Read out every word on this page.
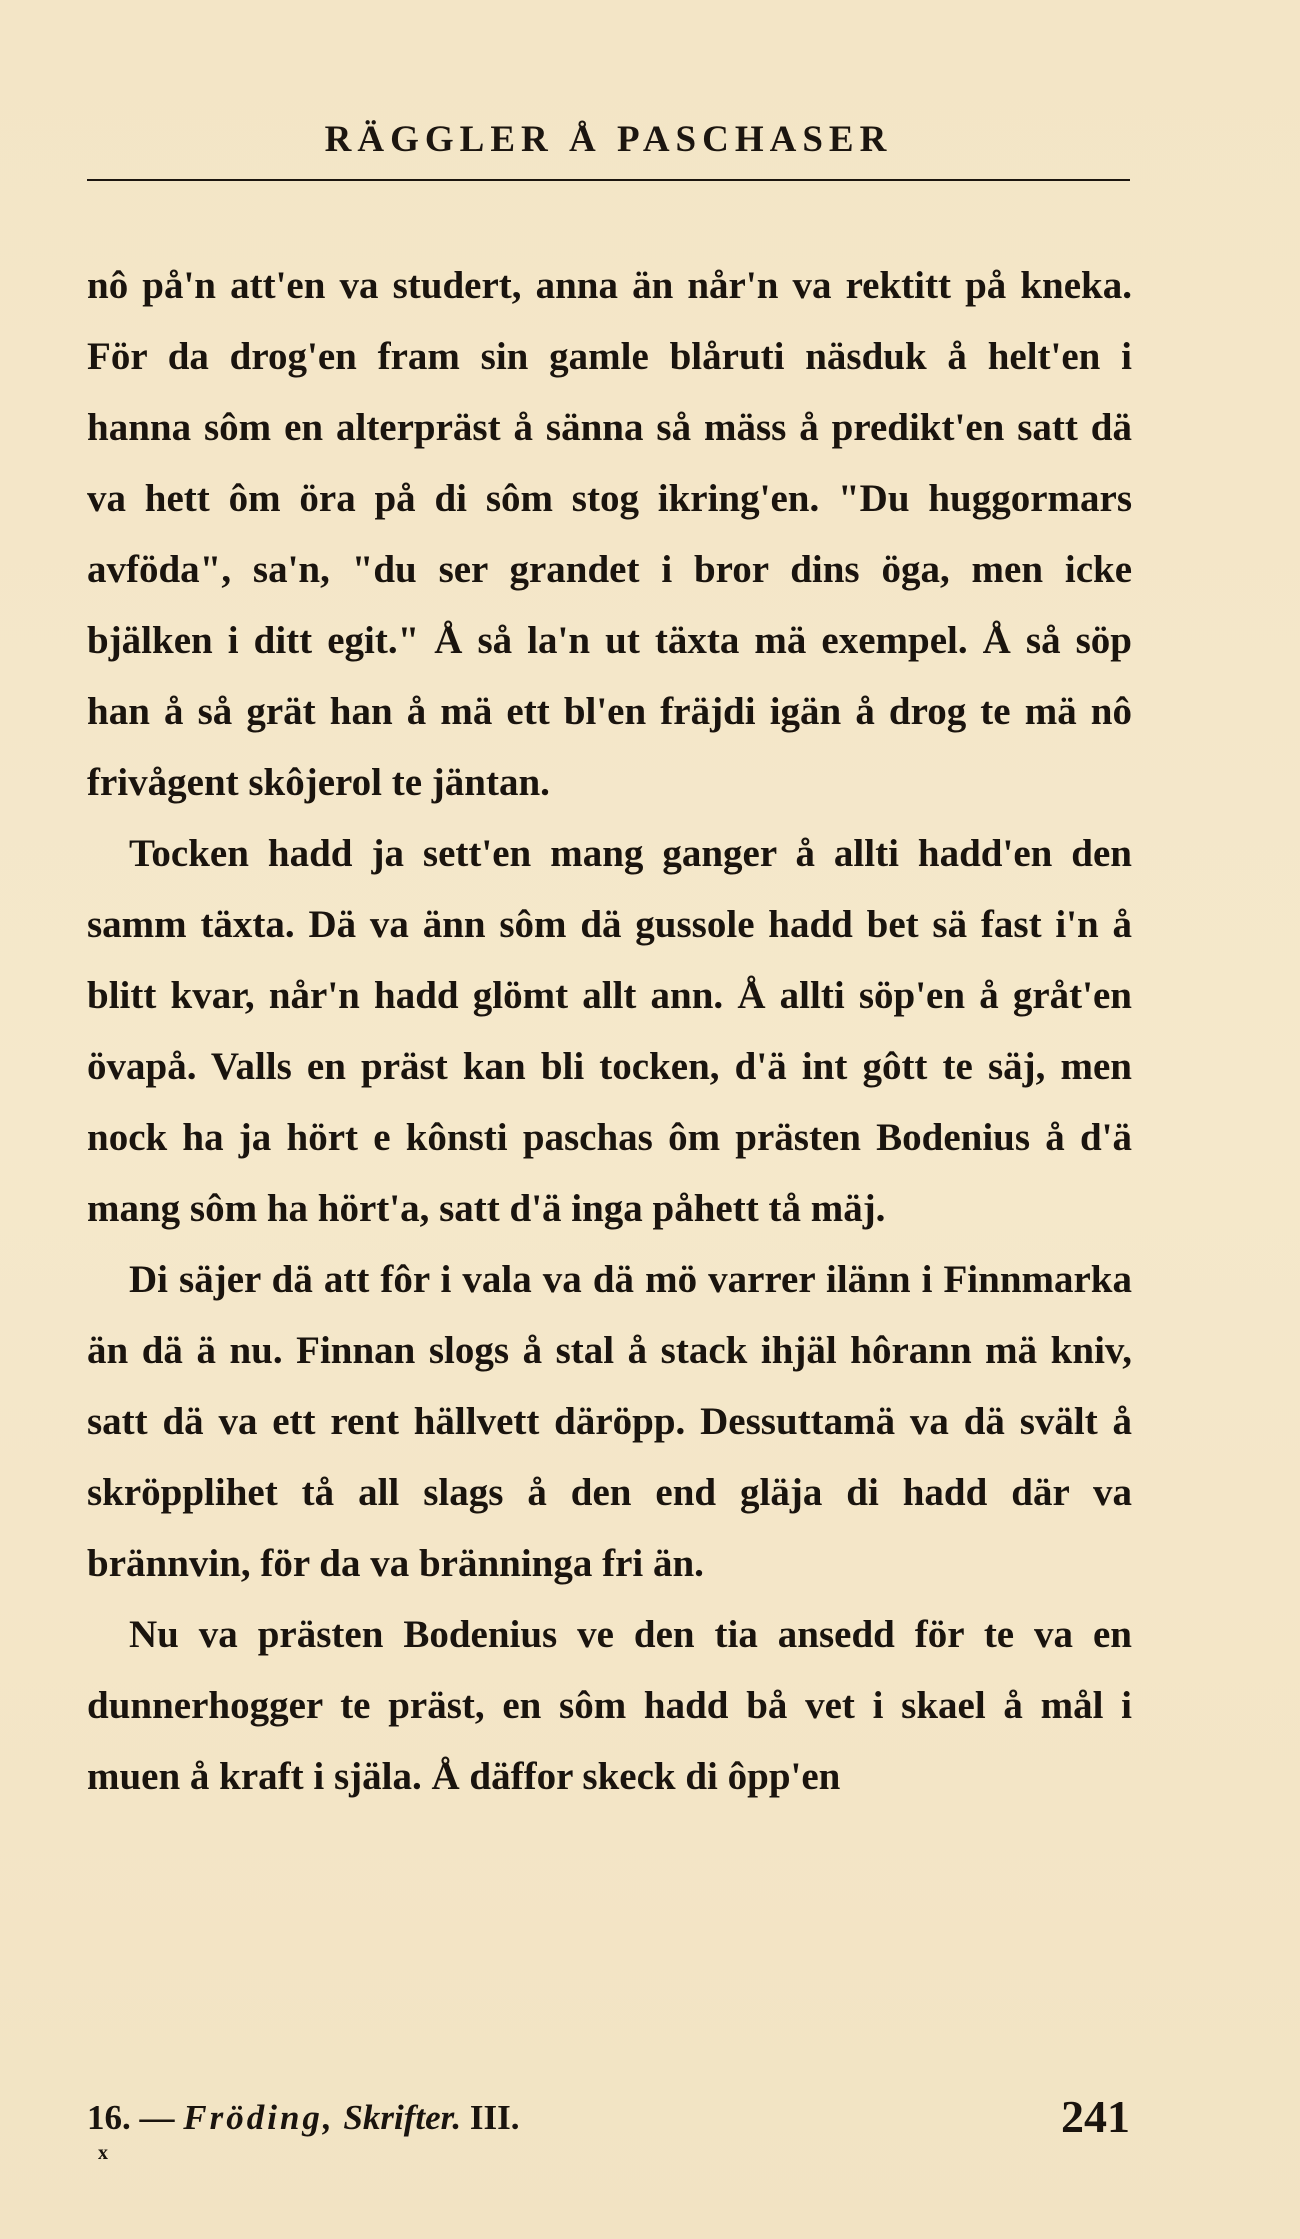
RÄGGLER Å PASCHASER

nô på'n att'en va studert, anna än når'n va rektitt på kneka. För da drog'en fram sin gamle blåruti näsduk å helt'en i hanna sôm en alterpräst å sänna så mäss å predikt'en satt dä va hett ôm öra på di sôm stog ikring'en. "Du huggormars avföda", sa'n, "du ser grandet i bror dins öga, men icke bjälken i ditt egit." Å så la'n ut täxta mä exempel. Å så söp han å så grät han å mä ett bl'en fräjdi igän å drog te mä nô frivågent skôjerol te jäntan.

Tocken hadd ja sett'en mang ganger å allti hadd'en den samm täxta. Dä va änn sôm dä gussole hadd bet sä fast i'n å blitt kvar, når'n hadd glömt allt ann. Å allti söp'en å gråt'en övapå. Valls en präst kan bli tocken, d'ä int gôtt te säj, men nock ha ja hört e kônsti paschas ôm prästen Bodenius å d'ä mang sôm ha hört'a, satt d'ä inga påhett tå mäj.

Di säjer dä att fôr i vala va dä mö varrer ilänn i Finnmarka än dä ä nu. Finnan slogs å stal å stack ihjäl hôrann mä kniv, satt dä va ett rent hällvett däröpp. Dessuttamä va dä svält å skröpplihet tå all slags å den end gläja di hadd där va brännvin, för da va bränninga fri än.

Nu va prästen Bodenius ve den tia ansedd för te va en dunnerhogger te präst, en sôm hadd bå vet i skael å mål i muen å kraft i själa. Å däffor skeck di ôpp'en

16. — Fröding, Skrifter. III.
x
241
